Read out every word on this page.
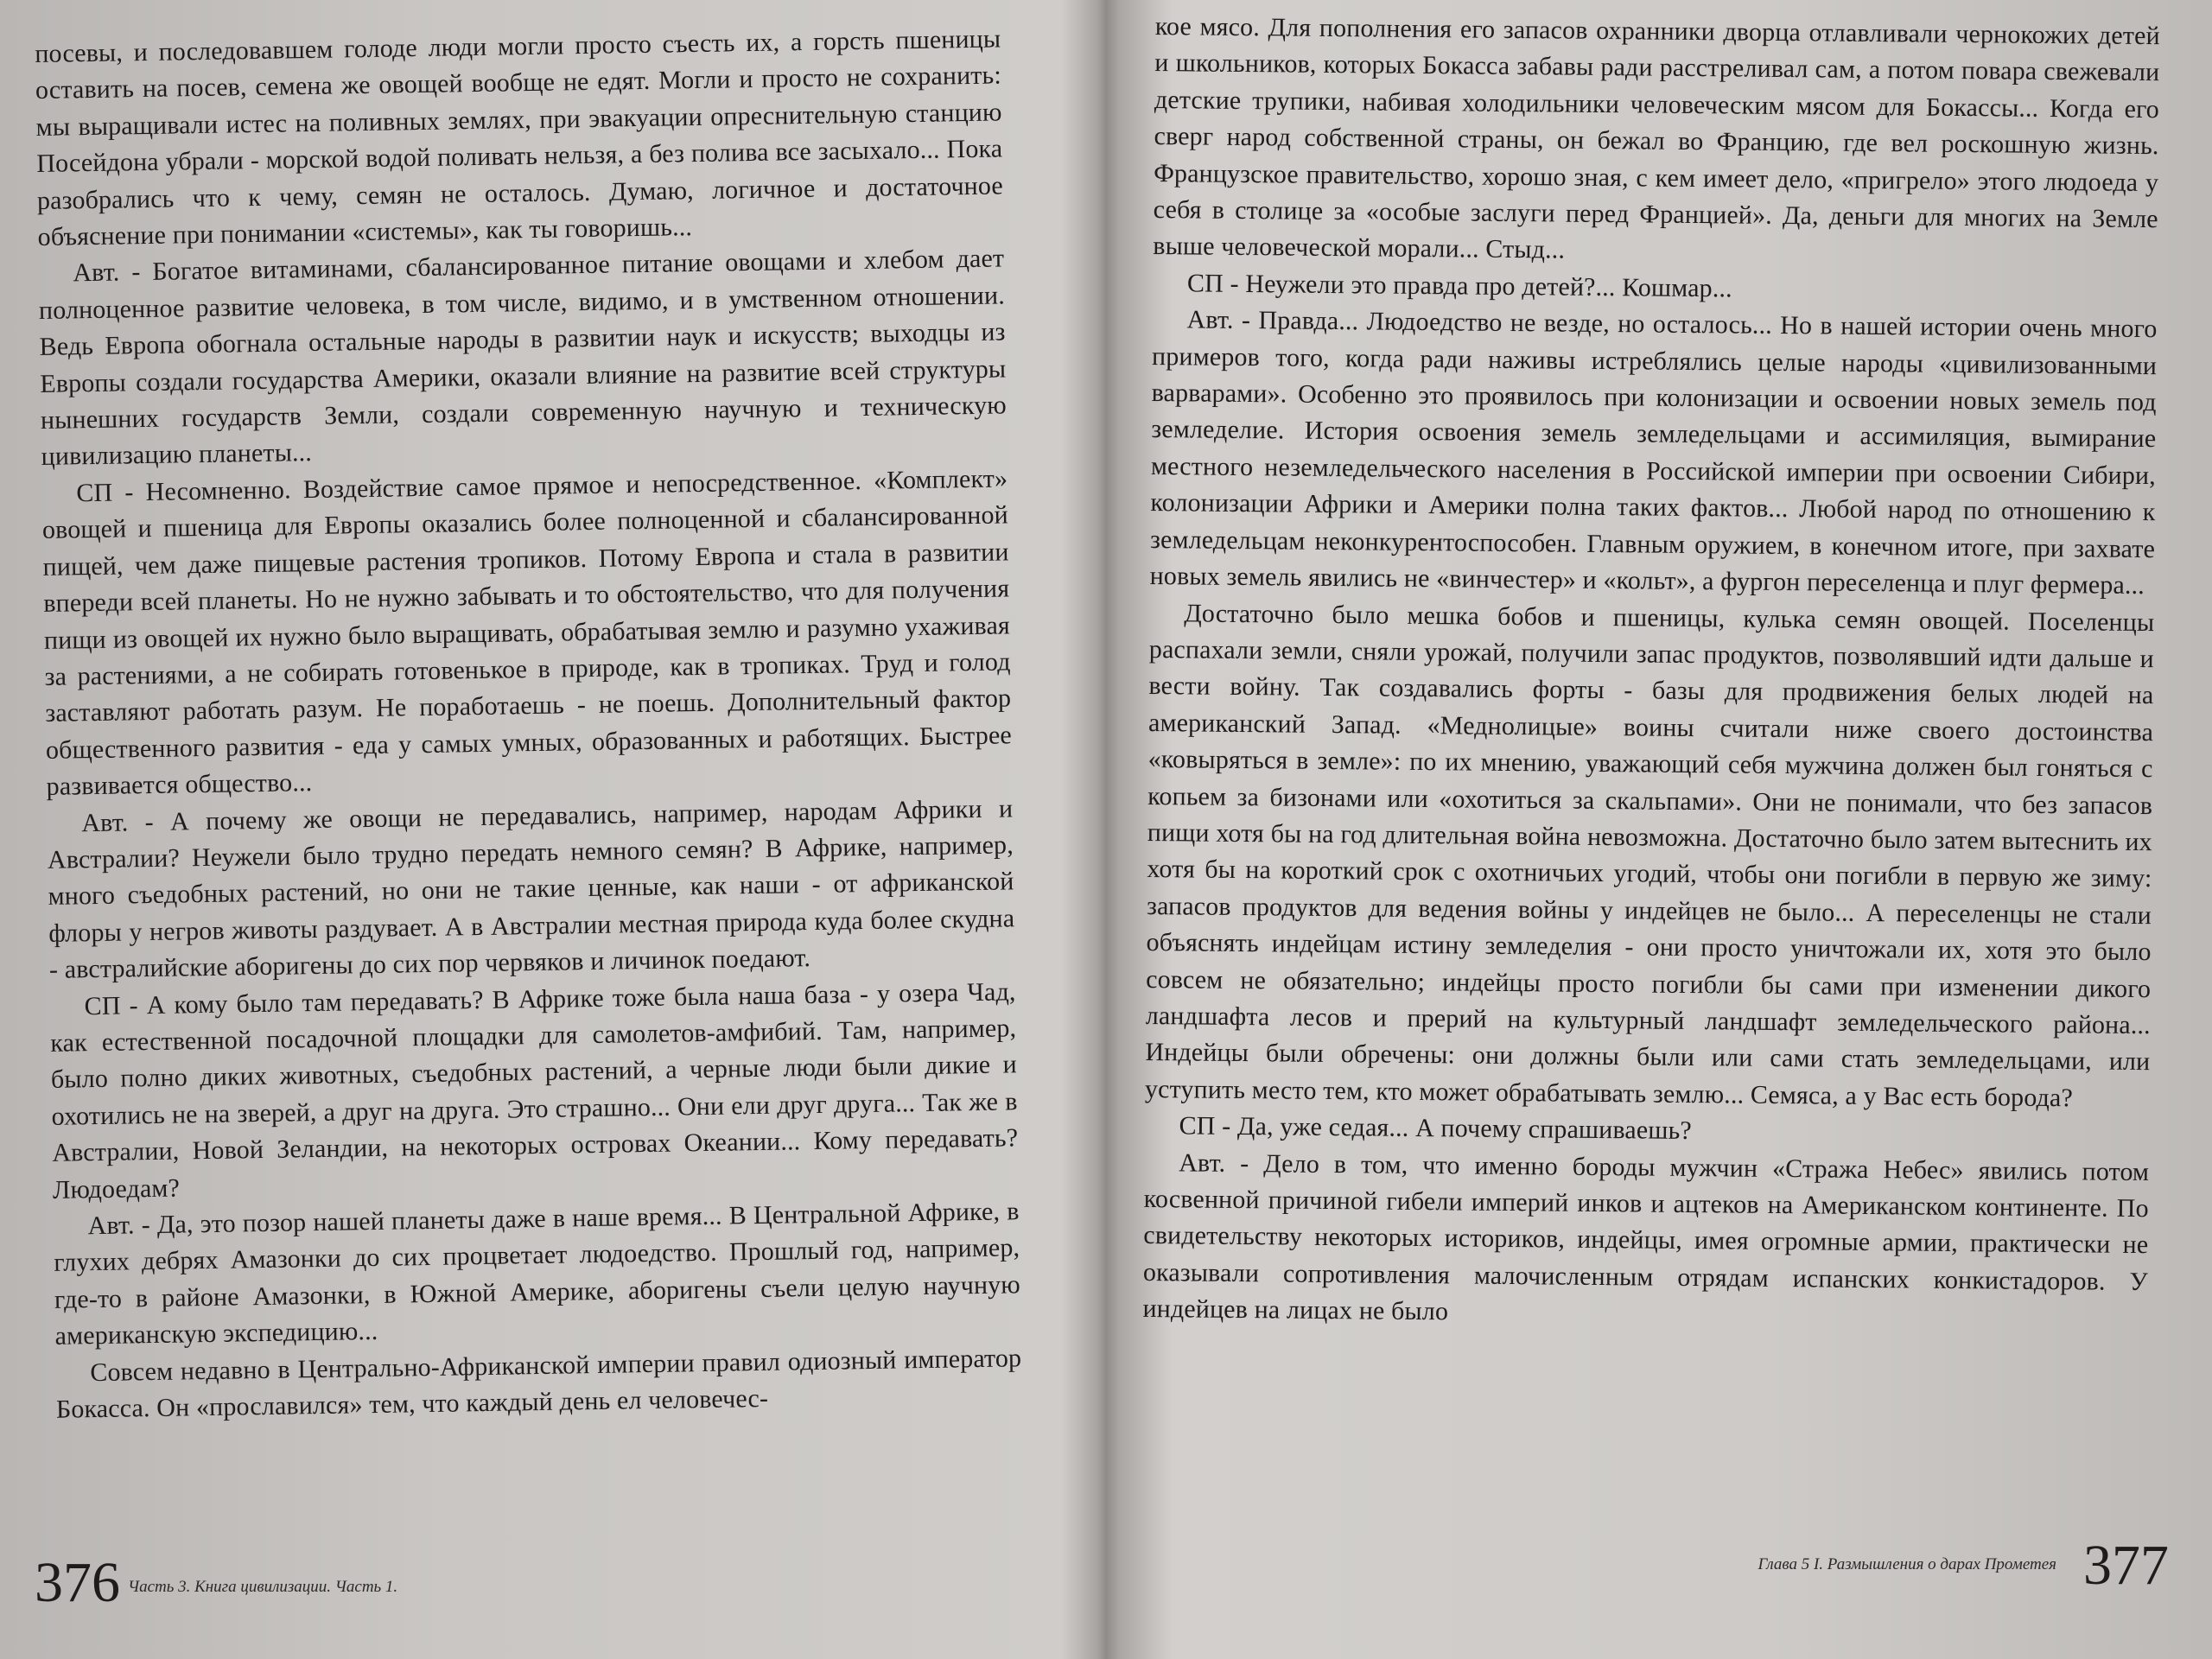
посевы, и последовавшем голоде люди могли просто съесть их, а горсть пшеницы оставить на посев, семена же овощей вообще не едят. Могли и просто не сохранить: мы выращивали истес на поливных землях, при эвакуации опреснительную станцию Посейдона убрали - морской водой поливать нельзя, а без полива все засыхало... Пока разобрались что к чему, семян не осталось. Думаю, логичное и достаточное объяснение при понимании «системы», как ты говоришь...

Авт. - Богатое витаминами, сбалансированное питание овощами и хлебом дает полноценное развитие человека, в том числе, видимо, и в умственном отношении. Ведь Европа обогнала остальные народы в развитии наук и искусств; выходцы из Европы создали государства Америки, оказали влияние на развитие всей структуры нынешних государств Земли, создали современную научную и техническую цивилизацию планеты...

СП - Несомненно. Воздействие самое прямое и непосредственное. «Комплект» овощей и пшеница для Европы оказались более полноценной и сбалансированной пищей, чем даже пищевые растения тропиков. Потому Европа и стала в развитии впереди всей планеты. Но не нужно забывать и то обстоятельство, что для получения пищи из овощей их нужно было выращивать, обрабатывая землю и разумно ухаживая за растениями, а не собирать готовенькое в природе, как в тропиках. Труд и голод заставляют работать разум. Не поработаешь - не поешь. Дополнительный фактор общественного развития - еда у самых умных, образованных и работящих. Быстрее развивается общество...

Авт. - А почему же овощи не передавались, например, народам Африки и Австралии? Неужели было трудно передать немного семян? В Африке, например, много съедобных растений, но они не такие ценные, как наши - от африканской флоры у негров животы раздувает. А в Австралии местная природа куда более скудна - австралийские аборигены до сих пор червяков и личинок поедают.

СП - А кому было там передавать? В Африке тоже была наша база - у озера Чад, как естественной посадочной площадки для самолетов-амфибий. Там, например, было полно диких животных, съедобных растений, а черные люди были дикие и охотились не на зверей, а друг на друга. Это страшно... Они ели друг друга... Так же в Австралии, Новой Зеландии, на некоторых островах Океании... Кому передавать? Людоедам?

Авт. - Да, это позор нашей планеты даже в наше время... В Центральной Африке, в глухих дебрях Амазонки до сих процветает людоедство. Прошлый год, например, где-то в районе Амазонки, в Южной Америке, аборигены съели целую научную американскую экспедицию...

Совсем недавно в Центрально-Африканской империи правил одиозный император Бокасса. Он «прославился» тем, что каждый день ел человечес-

376 Часть 3. Книга цивилизации. Часть 1.

кое мясо. Для пополнения его запасов охранники дворца отлавливали чернокожих детей и школьников, которых Бокасса забавы ради расстреливал сам, а потом повара свежевали детские трупики, набивая холодильники человеческим мясом для Бокассы... Когда его сверг народ собственной страны, он бежал во Францию, где вел роскошную жизнь. Французское правительство, хорошо зная, с кем имеет дело, «пригрело» этого людоеда у себя в столице за «особые заслуги перед Францией». Да, деньги для многих на Земле выше человеческой морали... Стыд...

СП - Неужели это правда про детей?... Кошмар...

Авт. - Правда... Людоедство не везде, но осталось... Но в нашей истории очень много примеров того, когда ради наживы истреблялись целые народы «цивилизованными варварами». Особенно это проявилось при колонизации и освоении новых земель под земледелие. История освоения земель земледельцами и ассимиляция, вымирание местного неземледельческого населения в Российской империи при освоении Сибири, колонизации Африки и Америки полна таких фактов... Любой народ по отношению к земледельцам неконкурентоспособен. Главным оружием, в конечном итоге, при захвате новых земель явились не «винчестер» и «кольт», а фургон переселенца и плуг фермера...

Достаточно было мешка бобов и пшеницы, кулька семян овощей. Поселенцы распахали земли, сняли урожай, получили запас продуктов, позволявший идти дальше и вести войну. Так создавались форты - базы для продвижения белых людей на американский Запад. «Меднолицые» воины считали ниже своего достоинства «ковыряться в земле»: по их мнению, уважающий себя мужчина должен был гоняться с копьем за бизонами или «охотиться за скальпами». Они не понимали, что без запасов пищи хотя бы на год длительная война невозможна. Достаточно было затем вытеснить их хотя бы на короткий срок с охотничьих угодий, чтобы они погибли в первую же зиму: запасов продуктов для ведения войны у индейцев не было... А переселенцы не стали объяснять индейцам истину земледелия - они просто уничтожали их, хотя это было совсем не обязательно; индейцы просто погибли бы сами при изменении дикого ландшафта лесов и прерий на культурный ландшафт земледельческого района... Индейцы были обречены: они должны были или сами стать земледельцами, или уступить место тем, кто может обрабатывать землю... Семяса, а у Вас есть борода?

СП - Да, уже седая... А почему спрашиваешь?

Авт. - Дело в том, что именно бороды мужчин «Стража Небес» явились потом косвенной причиной гибели империй инков и ацтеков на Американском континенте. По свидетельству некоторых историков, индейцы, имея огромные армии, практически не оказывали сопротивления малочисленным отрядам испанских конкистадоров. У индейцев на лицах не было

Глава 5 I. Размышления о дарах Прометея 377
